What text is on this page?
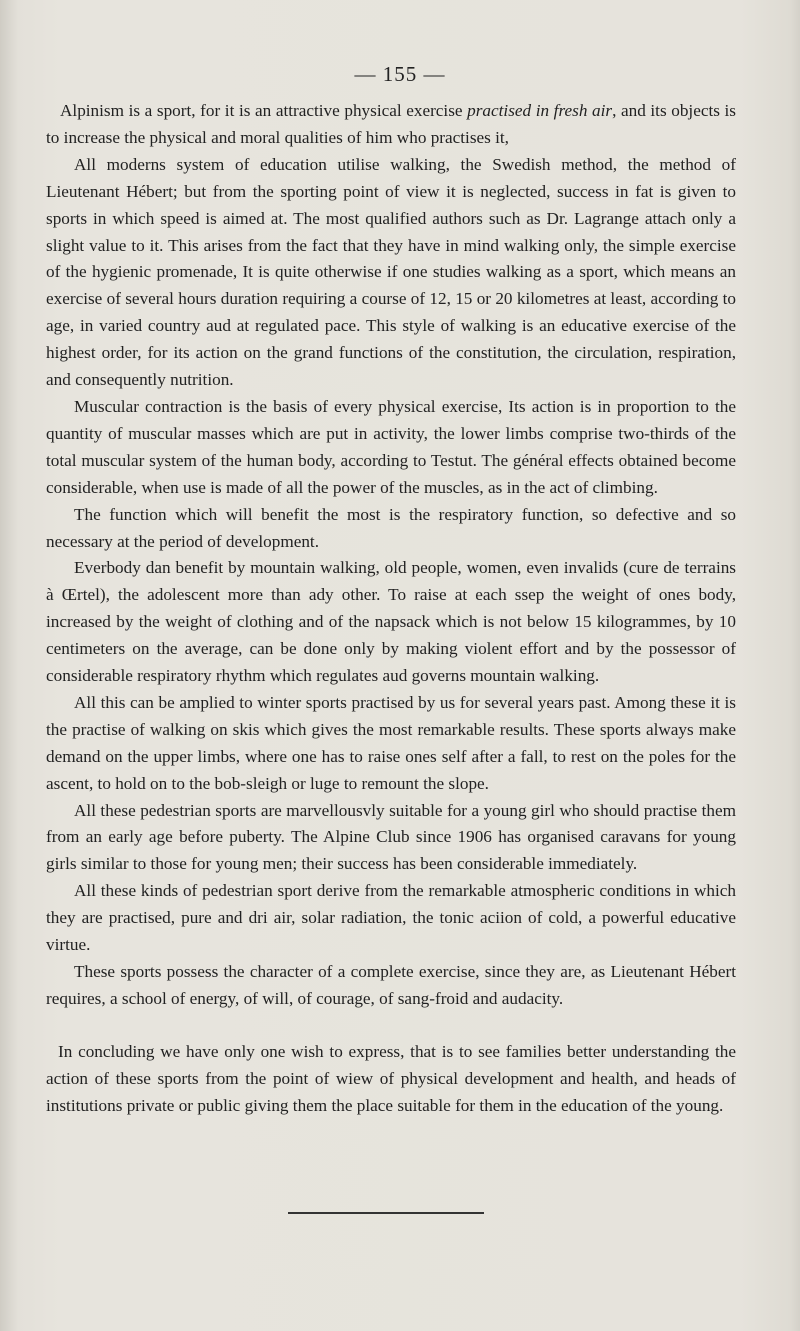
— 155 —

Alpinism is a sport, for it is an attractive physical exercise practised in fresh air, and its objects is to increase the physical and moral qualities of him who practises it,

All moderns system of education utilise walking, the Swedish method, the method of Lieutenant Hébert; but from the sporting point of view it is neglected, success in fat is given to sports in which speed is aimed at. The most qualified authors such as Dr. Lagrange attach only a slight value to it. This arises from the fact that they have in mind walking only, the simple exercise of the hygienic promenade, It is quite otherwise if one studies walking as a sport, which means an exercise of several hours duration requiring a course of 12, 15 or 20 kilometres at least, according to age, in varied country aud at regulated pace. This style of walking is an educative exercise of the highest order, for its action on the grand functions of the constitution, the circulation, respiration, and consequently nutrition.

Muscular contraction is the basis of every physical exercise, Its action is in proportion to the quantity of muscular masses which are put in activity, the lower limbs comprise two-thirds of the total muscular system of the human body, according to Testut. The général effects obtained become considerable, when use is made of all the power of the muscles, as in the act of climbing.

The function which will benefit the most is the respiratory function, so defective and so necessary at the period of development.

Everbody dan benefit by mountain walking, old people, women, even invalids (cure de terrains à Œrtel), the adolescent more than ady other. To raise at each ssep the weight of ones body, increased by the weight of clothing and of the napsack which is not below 15 kilogrammes, by 10 centimeters on the average, can be done only by making violent effort and by the possessor of considerable respiratory rhythm which regulates aud governs mountain walking.

All this can be amplied to winter sports practised by us for several years past. Among these it is the practise of walking on skis which gives the most remarkable results. These sports always make demand on the upper limbs, where one has to raise ones self after a fall, to rest on the poles for the ascent, to hold on to the bob-sleigh or luge to remount the slope.

All these pedestrian sports are marvellousvly suitable for a young girl who should practise them from an early age before puberty. The Alpine Club since 1906 has organised caravans for young girls similar to those for young men; their success has been considerable immediately.

All these kinds of pedestrian sport derive from the remarkable atmospheric conditions in which they are practised, pure and dri air, solar radiation, the tonic aciion of cold, a powerful educative virtue.

These sports possess the character of a complete exercise, since they are, as Lieutenant Hébert requires, a school of energy, of will, of courage, of sang-froid and audacity.

In concluding we have only one wish to express, that is to see families better understanding the action of these sports from the point of wiew of physical development and health, and heads of institutions private or public giving them the place suitable for them in the education of the young.
